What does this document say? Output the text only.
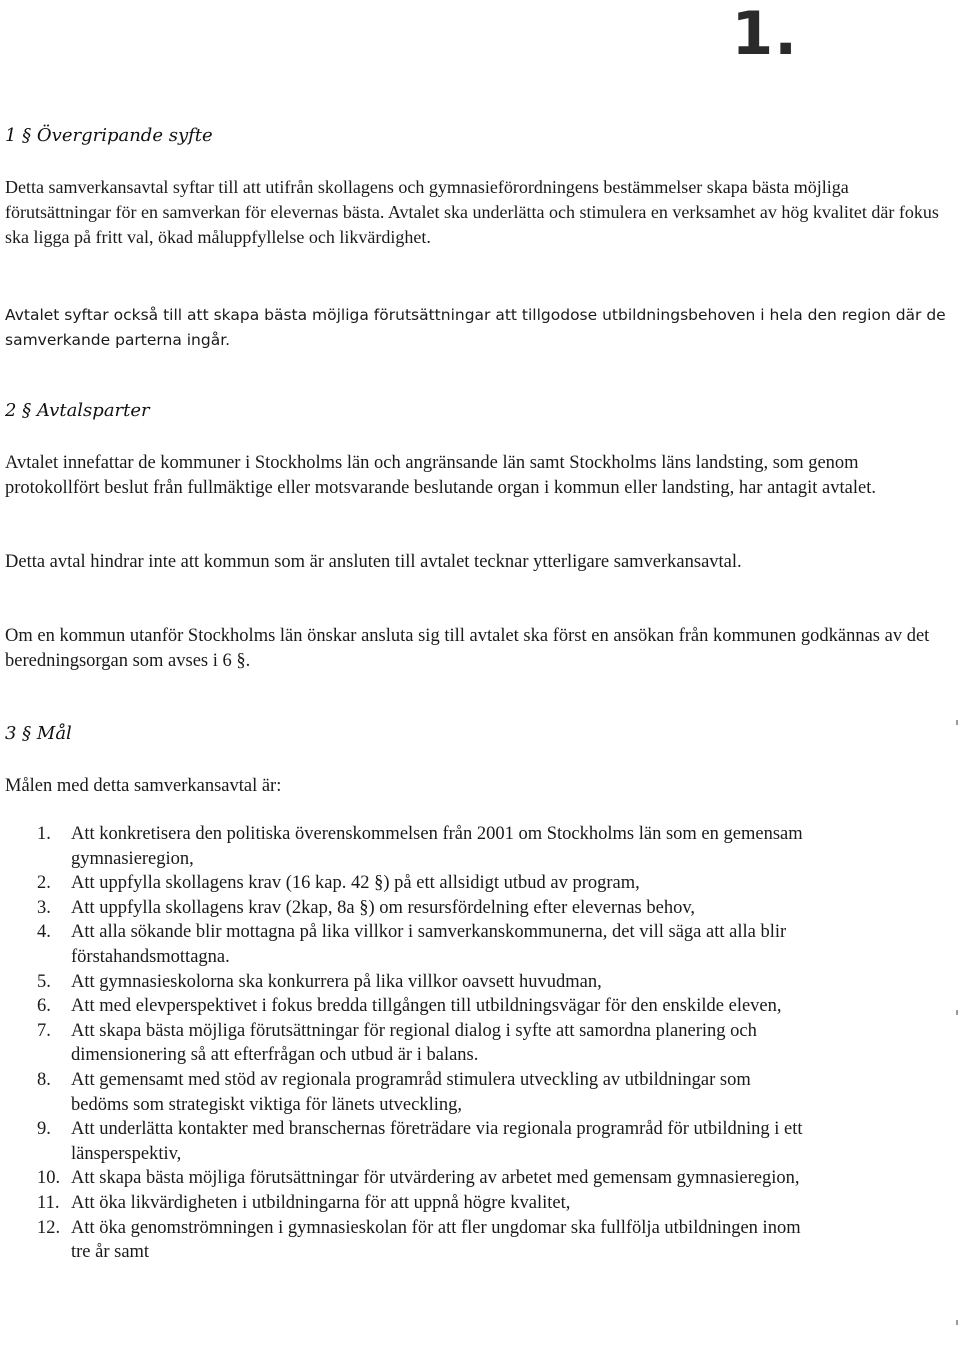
1.
1 § Övergripande syfte

Detta samverkansavtal syftar till att utifrån skollagens och gymnasieförordningens bestämmelser skapa bästa möjliga förutsättningar för en samverkan för elevernas bästa. Avtalet ska underlätta och stimulera en verksamhet av hög kvalitet där fokus ska ligga på fritt val, ökad måluppfyllelse och likvärdighet.

Avtalet syftar också till att skapa bästa möjliga förutsättningar att tillgodose utbildningsbehoven i hela den region där de samverkande parterna ingår.

2 § Avtalsparter

Avtalet innefattar de kommuner i Stockholms län och angränsande län samt Stockholms läns landsting, som genom protokollfört beslut från fullmäktige eller motsvarande beslutande organ i kommun eller landsting, har antagit avtalet.

Detta avtal hindrar inte att kommun som är ansluten till avtalet tecknar ytterligare samverkansavtal.

Om en kommun utanför Stockholms län önskar ansluta sig till avtalet ska först en ansökan från kommunen godkännas av det beredningsorgan som avses i 6 §.

3 § Mål

Målen med detta samverkansavtal är:

1.	Att konkretisera den politiska överenskommelsen från 2001 om Stockholms län som en gemensam gymnasieregion,
2.	Att uppfylla skollagens krav (16 kap. 42 §) på ett allsidigt utbud av program,
3.	Att uppfylla skollagens krav (2kap, 8a §) om resursfördelning efter elevernas behov,
4.	Att alla sökande blir mottagna på lika villkor i samverkanskommunerna, det vill säga att alla blir förstahandsmottagna.
5.	Att gymnasieskolorna ska konkurrera på lika villkor oavsett huvudman,
6.	Att med elevperspektivet i fokus bredda tillgången till utbildningsvägar för den enskilde eleven,
7.	Att skapa bästa möjliga förutsättningar för regional dialog i syfte att samordna planering och dimensionering så att efterfrågan och utbud är i balans.
8.	Att gemensamt med stöd av regionala programråd stimulera utveckling av utbildningar som bedöms som strategiskt viktiga för länets utveckling,
9.	Att underlätta kontakter med branschernas företrädare via regionala programråd för utbildning i ett länsperspektiv,
10. Att skapa bästa möjliga förutsättningar för utvärdering av arbetet med gemensam gymnasieregion,
11. Att öka likvärdigheten i utbildningarna för att uppnå högre kvalitet,
12. Att öka genomströmningen i gymnasieskolan för att fler ungdomar ska fullfölja utbildningen inom tre år samt
